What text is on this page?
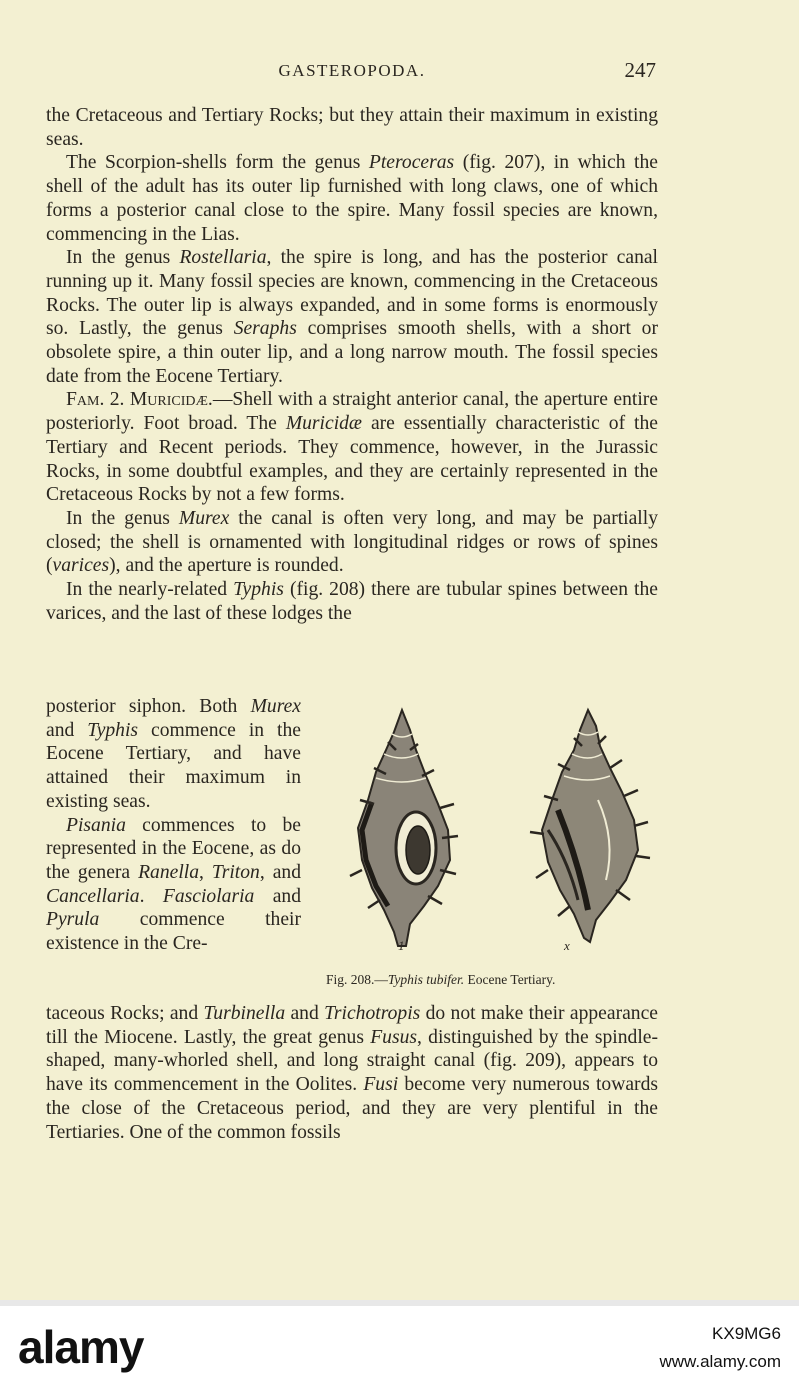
GASTEROPODA.	247

the Cretaceous and Tertiary Rocks; but they attain their maximum in existing seas.

The Scorpion-shells form the genus Pteroceras (fig. 207), in which the shell of the adult has its outer lip furnished with long claws, one of which forms a posterior canal close to the spire. Many fossil species are known, commencing in the Lias.

In the genus Rostellaria, the spire is long, and has the posterior canal running up it. Many fossil species are known, commencing in the Cretaceous Rocks. The outer lip is always expanded, and in some forms is enormously so. Lastly, the genus Seraphs comprises smooth shells, with a short or obsolete spire, a thin outer lip, and a long narrow mouth. The fossil species date from the Eocene Tertiary.

Fam. 2. Muricidæ.—Shell with a straight anterior canal, the aperture entire posteriorly. Foot broad. The Muricidæ are essentially characteristic of the Tertiary and Recent periods. They commence, however, in the Jurassic Rocks, in some doubtful examples, and they are certainly represented in the Cretaceous Rocks by not a few forms.

In the genus Murex the canal is often very long, and may be partially closed; the shell is ornamented with longitudinal ridges or rows of spines (varices), and the aperture is rounded.

In the nearly-related Typhis (fig. 208) there are tubular spines between the varices, and the last of these lodges the

posterior siphon. Both Murex and Typhis commence in the Eocene Tertiary, and have attained their maximum in existing seas.

Pisania commences to be represented in the Eocene, as do the genera Ranella, Triton, and Cancellaria. Fasciolaria and Pyrula commence their existence in the Cre-	1	x
Fig. 208.—Typhis tubifer. Eocene Tertiary.

taceous Rocks; and Turbinella and Trichotropis do not make their appearance till the Miocene. Lastly, the great genus Fusus, distinguished by the spindle-shaped, many-whorled shell, and long straight canal (fig. 209), appears to have its commencement in the Oolites. Fusi become very numerous towards the close of the Cretaceous period, and they are very plentiful in the Tertiaries. One of the common fossils

alamy	KX9MG6
www.alamy.com
